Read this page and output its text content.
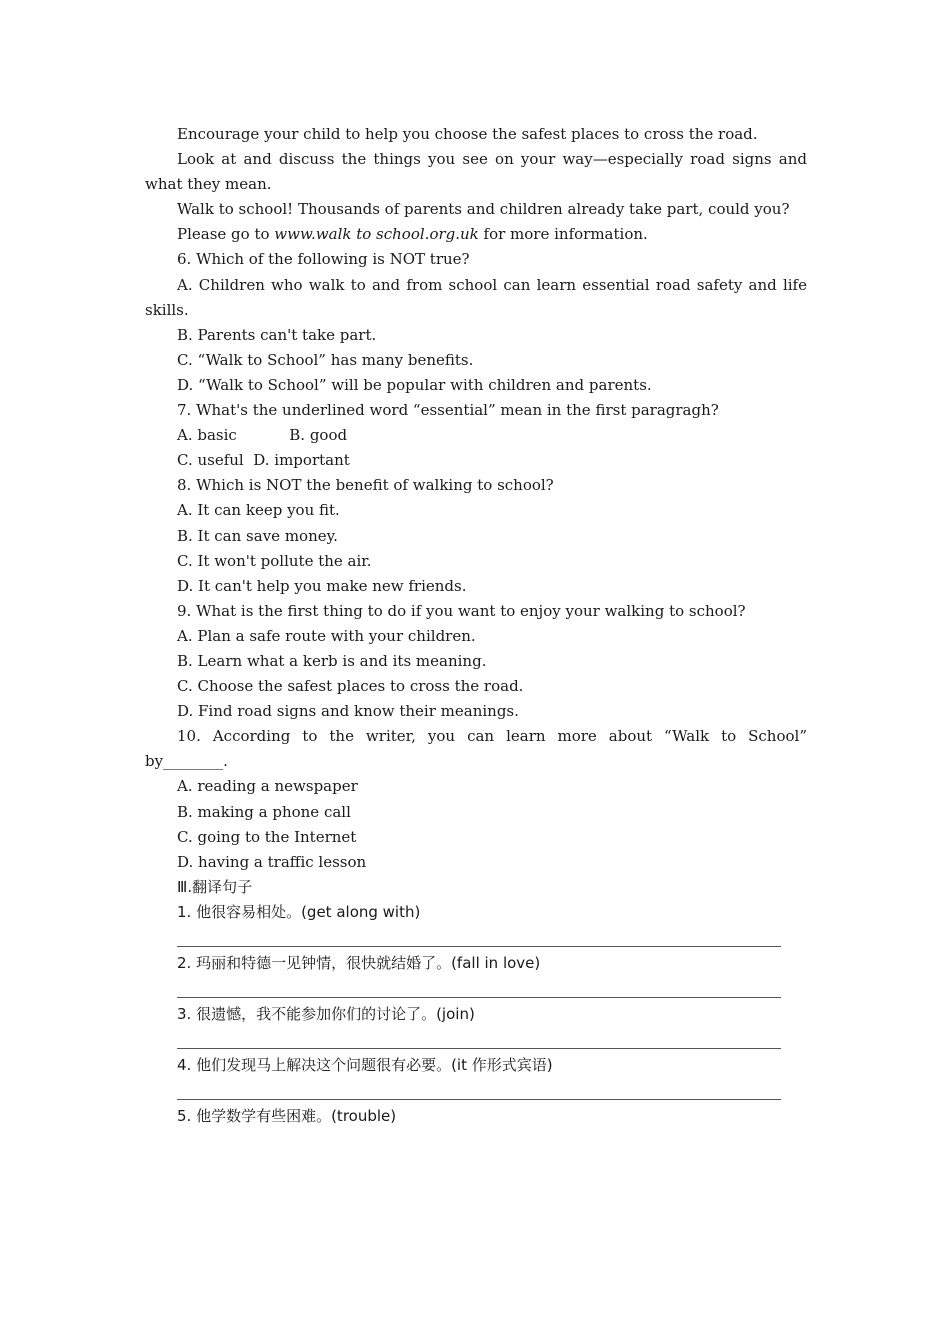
Encourage your child to help you choose the safest places to cross the road.

Look at and discuss the things you see on your way—especially road signs and what they mean.

Walk to school! Thousands of parents and children already take part, could you?

Please go to www.walk to school.org.uk for more information.

6. Which of the following is NOT true?

A. Children who walk to and from school can learn essential road safety and life skills.

B. Parents can't take part.

C. “Walk to School” has many benefits.

D. “Walk to School” will be popular with children and parents.

7. What's the underlined word “essential” mean in the first paragragh?

A. basic           B. good

C. useful  D. important

8. Which is NOT the benefit of walking to school?

A. It can keep you fit.

B. It can save money.

C. It won't pollute the air.

D. It can't help you make new friends.

9. What is the first thing to do if you want to enjoy your walking to school?

A. Plan a safe route with your children.

B. Learn what a kerb is and its meaning.

C. Choose the safest places to cross the road.

D. Find road signs and know their meanings.

10. According to the writer, you can learn more about “Walk to School” by________.

A. reading a newspaper

B. making a phone call

C. going to the Internet

D. having a traffic lesson

Ⅲ.翻译句子

1. 他很容易相处。(get along with)

2. 玛丽和特德一见钟情，很快就结婚了。(fall in love)

3. 很遗憾，我不能参加你们的讨论了。(join)

4. 他们发现马上解决这个问题很有必要。(it 作形式宾语)

5. 他学数学有些困难。(trouble)
